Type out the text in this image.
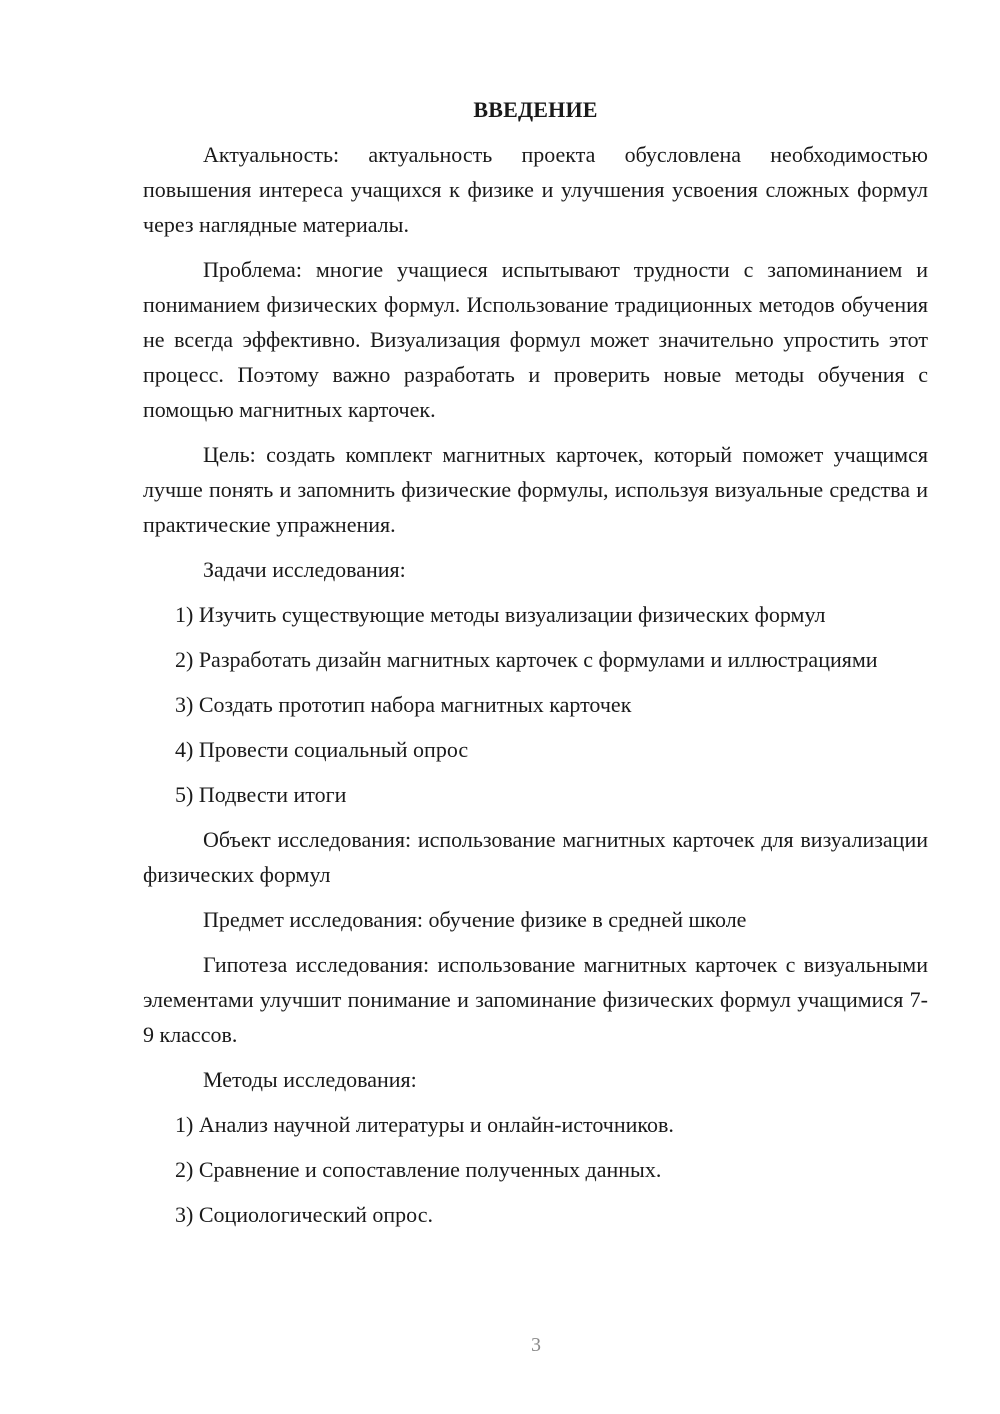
ВВЕДЕНИЕ

Актуальность: актуальность проекта обусловлена необходимостью повышения интереса учащихся к физике и улучшения усвоения сложных формул через наглядные материалы.

Проблема: многие учащиеся испытывают трудности с запоминанием и пониманием физических формул. Использование традиционных методов обучения не всегда эффективно. Визуализация формул может значительно упростить этот процесс. Поэтому важно разработать и проверить новые методы обучения с помощью магнитных карточек.

Цель: создать комплект магнитных карточек, который поможет учащимся лучше понять и запомнить физические формулы, используя визуальные средства и практические упражнения.

Задачи исследования:

1) Изучить существующие методы визуализации физических формул

2) Разработать дизайн магнитных карточек с формулами и иллюстрациями

3) Создать прототип набора магнитных карточек

4) Провести социальный опрос

5) Подвести итоги

Объект исследования: использование магнитных карточек для визуализации физических формул

Предмет исследования: обучение физике в средней школе

Гипотеза исследования: использование магнитных карточек с визуальными элементами улучшит понимание и запоминание физических формул учащимися 7-9 классов.

Методы исследования:

1) Анализ научной литературы и онлайн-источников.

2) Сравнение и сопоставление полученных данных.

3) Социологический опрос.

3
